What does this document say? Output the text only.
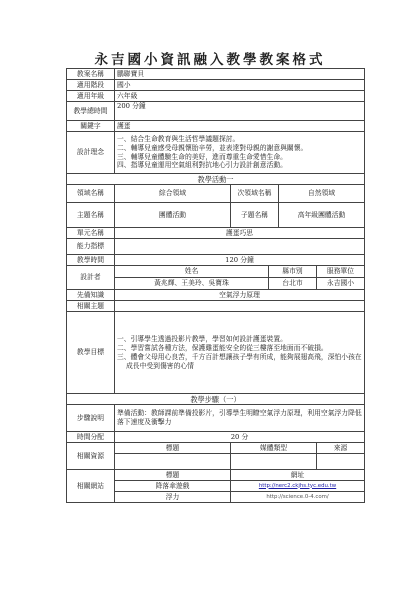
永吉國小資訊融入教學教案格式
教案名稱	鵬聯寶貝				
適用階段	國小				
適用年級	六年級				
教學總時間	200 分鐘				
關鍵字	護蛋				
設計理念	一、結合生命教育與生活哲學議題探討。
二、輔導兒童感受母親懷胎辛勞，並表達對母親的謝意與關懷。
三、輔導兒童體驗生命的美好，進而尊重生命愛惜生命。
四、指導兒童運用空氣組利對抗地心引力設計創意活動。				

教學活動一					
領域名稱	綜合領域	次領域名稱		自然領域	
主題名稱	團體活動	子題名稱		高年級團體活動	
單元名稱	護蛋巧思				
能力指標					
教學時間	120 分鐘				
設計者	姓名		縣市別		服務單位
	黃兆輝、王美玲、吳寶珠		台北市		永吉國小
先備知識	空氣浮力原理				
相關主題					
教學目標	一、引導學生透過投影片教學，學習如何設計護蛋裝置。
二、學習嘗試各種方法，保護雞蛋能安全的從三樓落至地面而不破損。
三、體會父母用心良苦，千方百計想讓孩子學有所成，能夠展翅高飛，深怕小孩在成長中受到傷害的心情				

教學步驟（一）					
步驟說明	準備活動：教師課前準備投影片，引導學生明瞭空氣浮力原理，利用空氣浮力降低落下速度及衝擊力				
時間分配	20 分				
相關資源	標題	媒體類型			來源

相關網站	標題	網址			
	降落傘遊戲	http://nerc2.ckjhs.tyc.edu.tw			
	浮力	http://science.0-4.com/			
